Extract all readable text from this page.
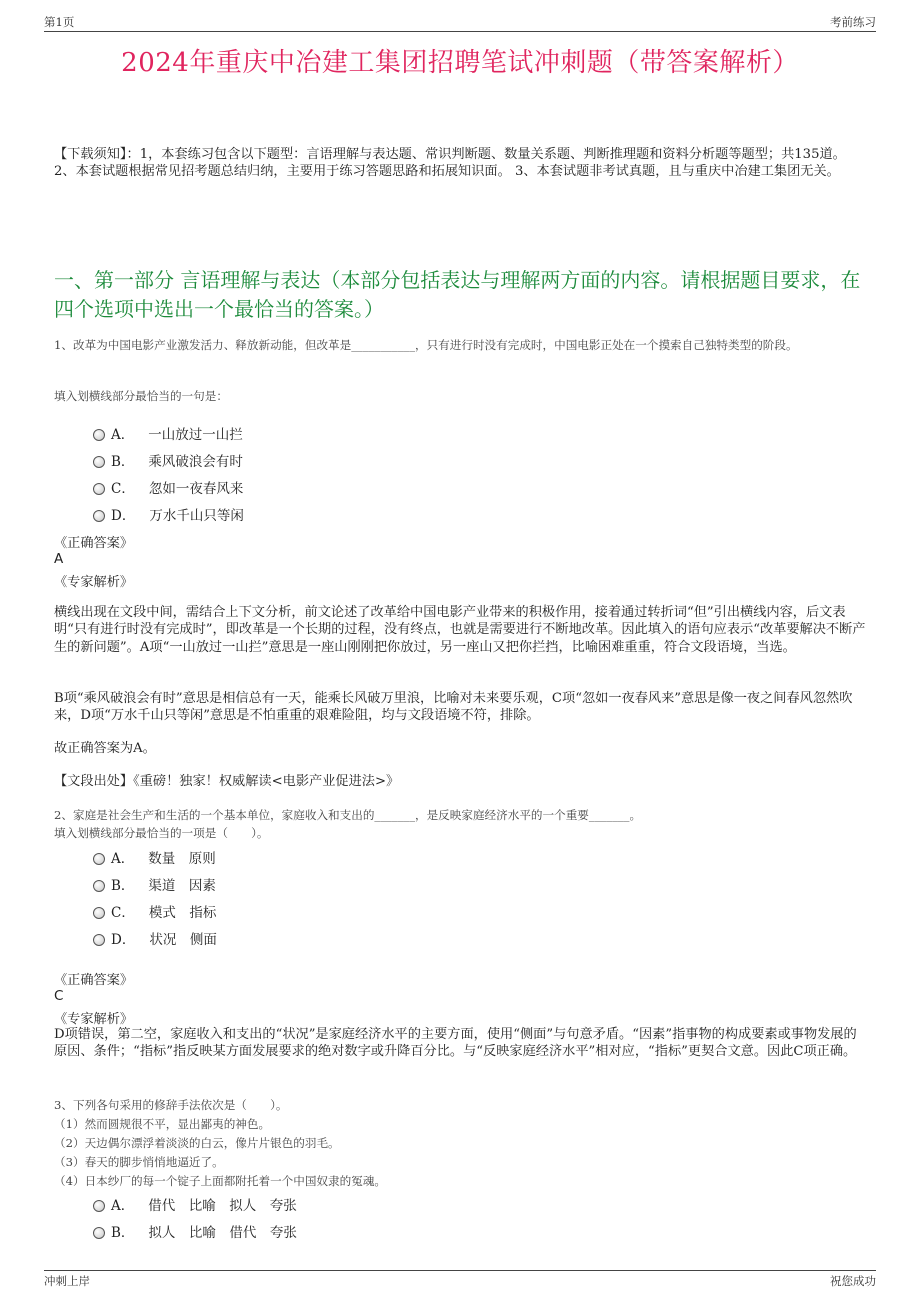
第1页	考前练习
2024年重庆中冶建工集团招聘笔试冲刺题（带答案解析）
【下载须知】：1，本套练习包含以下题型：言语理解与表达题、常识判断题、数量关系题、判断推理题和资料分析题等题型；共135道。 2、本套试题根据常见招考题总结归纳，主要用于练习答题思路和拓展知识面。 3、本套试题非考试真题，且与重庆中冶建工集团无关。
一、第一部分 言语理解与表达（本部分包括表达与理解两方面的内容。请根据题目要求，在四个选项中选出一个最恰当的答案。）
1、改革为中国电影产业激发活力、释放新动能，但改革是___________，只有进行时没有完成时，中国电影正处在一个摸索自己独特类型的阶段。
填入划横线部分最恰当的一句是：
A． 一山放过一山拦
B． 乘风破浪会有时
C． 忽如一夜春风来
D． 万水千山只等闲
《正确答案》
A
《专家解析》
横线出现在文段中间，需结合上下文分析，前文论述了改革给中国电影产业带来的积极作用，接着通过转折词“但”引出横线内容，后文表明“只有进行时没有完成时”，即改革是一个长期的过程，没有终点，也就是需要进行不断地改革。因此填入的语句应表示“改革要解决不断产生的新问题”。A项“一山放过一山拦”意思是一座山刚刚把你放过，另一座山又把你拦挡，比喻困难重重，符合文段语境，当选。
B项“乘风破浪会有时”意思是相信总有一天，能乘长风破万里浪，比喻对未来要乐观，C项“忽如一夜春风来”意思是像一夜之间春风忽然吹来，D项“万水千山只等闲”意思是不怕重重的艰难险阻，均与文段语境不符，排除。
故正确答案为A。
【文段出处】《重磅！独家！权威解读<电影产业促进法>》
2、家庭是社会生产和生活的一个基本单位，家庭收入和支出的_______，是反映家庭经济水平的一个重要_______。
填入划横线部分最恰当的一项是（　　）。
A． 数量　原则
B． 渠道　因素
C． 模式　指标
D． 状况　侧面
《正确答案》
C
《专家解析》
D项错误，第二空，家庭收入和支出的“状况”是家庭经济水平的主要方面，使用“侧面”与句意矛盾。“因素”指事物的构成要素或事物发展的原因、条件；“指标”指反映某方面发展要求的绝对数字或升降百分比。与“反映家庭经济水平”相对应，“指标”更契合文意。因此C项正确。
3、下列各句采用的修辞手法依次是（　　）。
（1）然而圆规很不平，显出鄙夷的神色。
（2）天边偶尔漂浮着淡淡的白云，像片片银色的羽毛。
（3）春天的脚步悄悄地逼近了。
（4）日本纱厂的每一个锭子上面都附托着一个中国奴隶的冤魂。
A． 借代　比喻　拟人　夸张
B． 拟人　比喻　借代　夸张
冲刺上岸	祝您成功
